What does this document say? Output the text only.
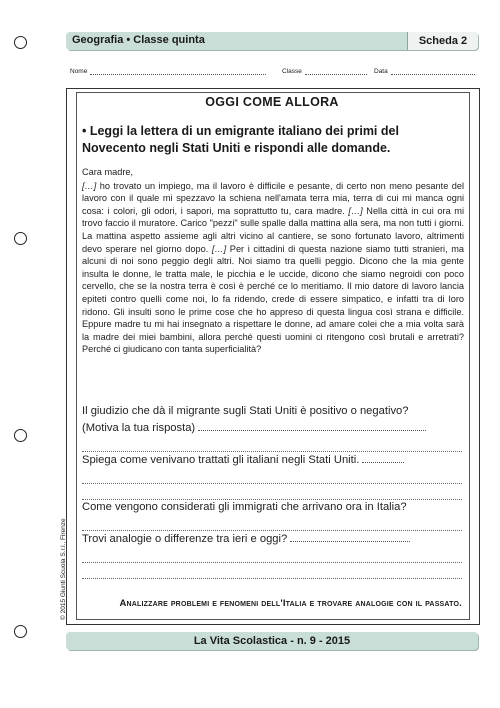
Geografia • Classe quinta	Scheda 2
Nome	Classe	Data
OGGI COME ALLORA
• Leggi la lettera di un emigrante italiano dei primi del Novecento negli Stati Uniti e rispondi alle domande.

Cara madre,

[…] ho trovato un impiego, ma il lavoro è difficile e pesante, di certo non meno pesante del lavoro con il quale mi spezzavo la schiena nell'amata terra mia, terra di cui mi manca ogni cosa: i colori, gli odori, i sapori, ma soprattutto tu, cara madre. […] Nella città in cui ora mi trovo faccio il muratore. Carico "pezzi" sulle spalle dalla mattina alla sera, ma non tutti i giorni. La mattina aspetto assieme agli altri vicino al cantiere, se sono fortunato lavoro, altrimenti devo sperare nel giorno dopo. […] Per i cittadini di questa nazione siamo tutti stranieri, ma alcuni di noi sono peggio degli altri. Noi siamo tra quelli peggio. Dicono che la mia gente insulta le donne, le tratta male, le picchia e le uccide, dicono che siamo negroidi con poco cervello, che se la nostra terra è così è perché ce lo meritiamo. Il mio datore di lavoro lancia epiteti contro quelli come noi, lo fa ridendo, crede di essere simpatico, e infatti tra di loro ridono. Gli insulti sono le prime cose che ho appreso di questa lingua così strana e difficile. Eppure madre tu mi hai insegnato a rispettare le donne, ad amare colei che a mia volta sarà la madre dei miei bambini, allora perché questi uomini ci ritengono così brutali e arretrati? Perché ci giudicano con tanta superficialità?

Il giudizio che dà il migrante sugli Stati Uniti è positivo o negativo?

(Motiva la tua risposta)

Spiega come venivano trattati gli italiani negli Stati Uniti.

Come vengono considerati gli immigrati che arrivano ora in Italia?

Trovi analogie o differenze tra ieri e oggi?

Analizzare problemi e fenomeni dell'Italia e trovare analogie con il passato.
© 2015 Giunti Scuola S.r.l., Firenze
La Vita Scolastica - n. 9 - 2015
